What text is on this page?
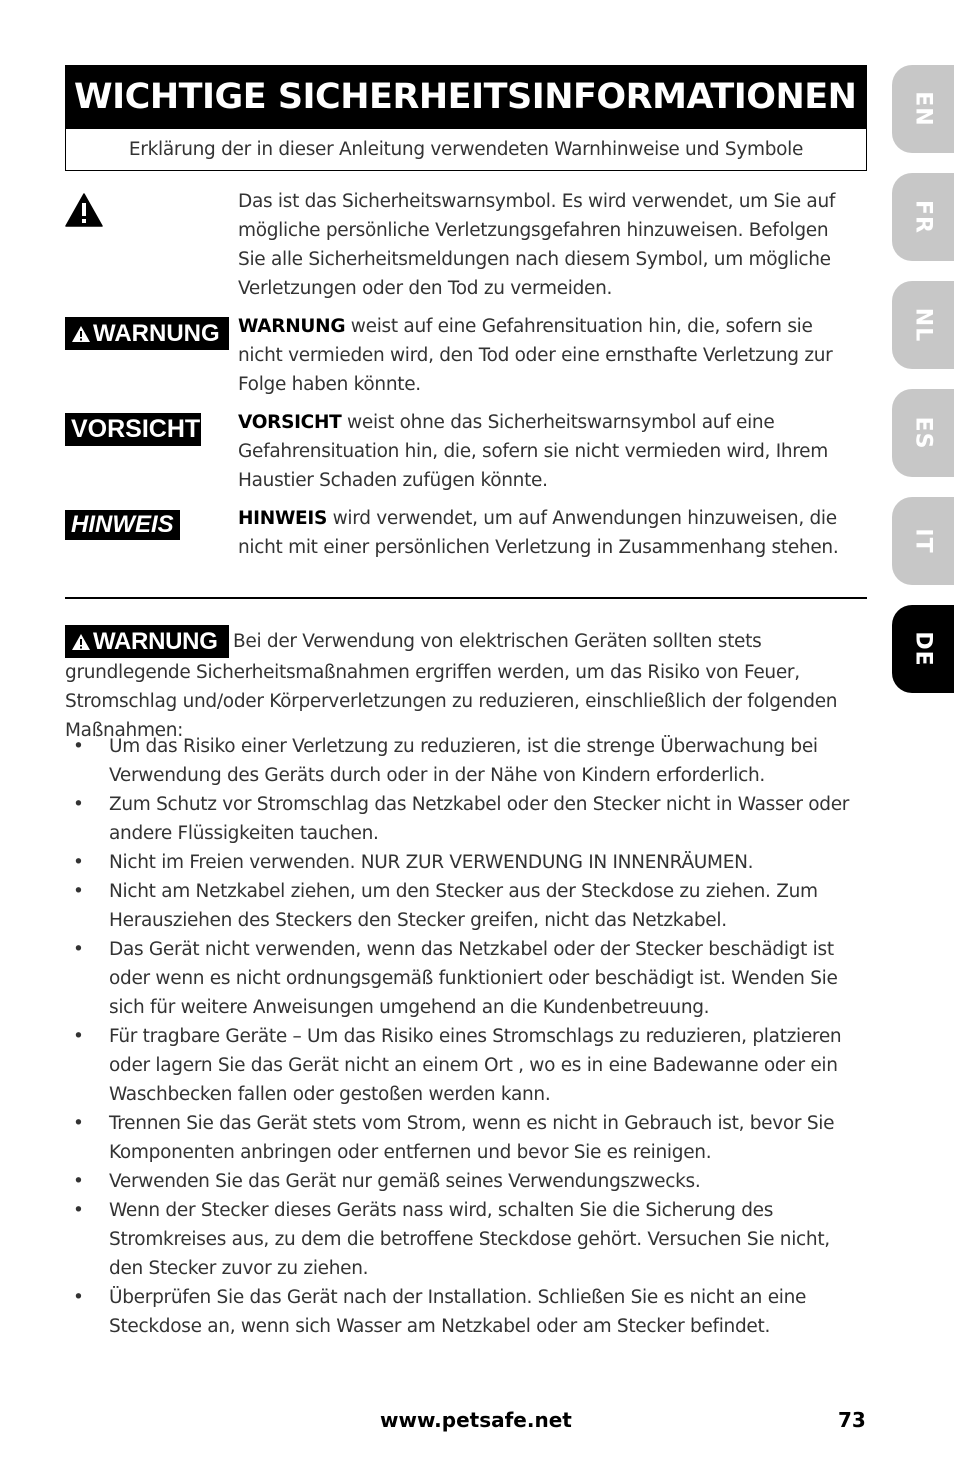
WICHTIGE SICHERHEITSINFORMATIONEN
Erklärung der in dieser Anleitung verwendeten Warnhinweise und Symbole
Das ist das Sicherheitswarnsymbol. Es wird verwendet, um Sie auf mögliche persönliche Verletzungsgefahren hinzuweisen. Befolgen Sie alle Sicherheitsmeldungen nach diesem Symbol, um mögliche Verletzungen oder den Tod zu vermeiden.
WARNUNG WARNUNG weist auf eine Gefahrensituation hin, die, sofern sie nicht vermieden wird, den Tod oder eine ernsthafte Verletzung zur Folge haben könnte.
VORSICHT VORSICHT weist ohne das Sicherheitswarnsymbol auf eine Gefahrensituation hin, die, sofern sie nicht vermieden wird, Ihrem Haustier Schaden zufügen könnte.
HINWEIS	HINWEIS wird verwendet, um auf Anwendungen hinzuweisen, die nicht mit einer persönlichen Verletzung in Zusammenhang stehen.
WARNUNG Bei der Verwendung von elektrischen Geräten sollten stets grundlegende Sicherheitsmaßnahmen ergriffen werden, um das Risiko von Feuer, Stromschlag und/oder Körperverletzungen zu reduzieren, einschließlich der folgenden Maßnahmen:
• Um das Risiko einer Verletzung zu reduzieren, ist die strenge Überwachung bei Verwendung des Geräts durch oder in der Nähe von Kindern erforderlich.
• Zum Schutz vor Stromschlag das Netzkabel oder den Stecker nicht in Wasser oder andere Flüssigkeiten tauchen.
• Nicht im Freien verwenden. NUR ZUR VERWENDUNG IN INNENRÄUMEN.
• Nicht am Netzkabel ziehen, um den Stecker aus der Steckdose zu ziehen. Zum Herausziehen des Steckers den Stecker greifen, nicht das Netzkabel.
• Das Gerät nicht verwenden, wenn das Netzkabel oder der Stecker beschädigt ist oder wenn es nicht ordnungsgemäß funktioniert oder beschädigt ist. Wenden Sie sich für weitere Anweisungen umgehend an die Kundenbetreuung.
• Für tragbare Geräte – Um das Risiko eines Stromschlags zu reduzieren, platzieren oder lagern Sie das Gerät nicht an einem Ort , wo es in eine Badewanne oder ein Waschbecken fallen oder gestoßen werden kann.
• Trennen Sie das Gerät stets vom Strom, wenn es nicht in Gebrauch ist, bevor Sie Komponenten anbringen oder entfernen und bevor Sie es reinigen.
• Verwenden Sie das Gerät nur gemäß seines Verwendungszwecks.
• Wenn der Stecker dieses Geräts nass wird, schalten Sie die Sicherung des Stromkreises aus, zu dem die betroffene Steckdose gehört. Versuchen Sie nicht, den Stecker zuvor zu ziehen.
• Überprüfen Sie das Gerät nach der Installation. Schließen Sie es nicht an eine Steckdose an, wenn sich Wasser am Netzkabel oder am Stecker befindet.
EN
FR
NL
ES
IT
DE
www.petsafe.net	73
